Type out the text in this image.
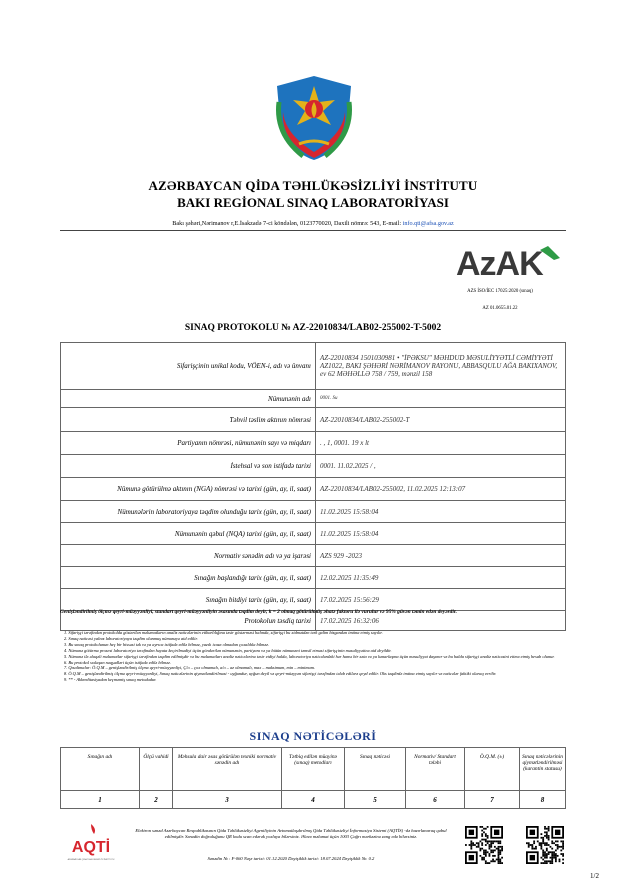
AZƏRBAYCAN QİDA TƏHLÜKƏSİZLİYİ İNSTİTUTU
BAKI REGİONAL SINAQ LABORATORİYASI
Bakı şəhəri,Nərimanov r,E.İsakzadə 7-ci köndələn, 0123770020, Daxili nömrə: 543, E-mail: info.qti@afsa.gov.az
AzAK
AZS İSO/İEC 17025:2020 (sınaq)
AZ 01.0655.01.22
SINAQ PROTOKOLU № AZ-22010834/LAB02-255002-T-5002
Sifarişçinin unikal kodu, VÖEN-i, adı və ünvanı	AZ-22010834 1501030981 • "İPƏKSU" MƏHDUD MƏSULİYYƏTLİ CƏMİYYƏTİ AZ1022, BAKI ŞƏHƏRİ NƏRİMANOV RAYONU, ABBASQULU AĞA BAKIXANOV, ev 62 MƏHƏLLƏ 758 / 759, mənzil 158
Nümunənin adı	0001. Su
Təhvil təslim aktının nömrəsi	AZ-22010834/LAB02-255002-T
Partiyanın nömrəsi, nümunənin sayı və miqdarı	. , 1, 0001. 19 x lt
İstehsal və son istifadə tarixi	0001. 11.02.2025 / ,
Nümunə götürülmə aktının (NGA) nömrəsi və tarixi (gün, ay, il, saat)	AZ-22010834/LAB02-255002, 11.02.2025 12:13:07
Nümunələrin laboratoriyaya təqdim olunduğu tarix (gün, ay, il, saat)	11.02.2025 15:58:04
Nümunənin qəbul (NQA) tarixi (gün, ay, il, saat)	11.02.2025 15:58:04
Normativ sənədin adı və ya işarəsi	AZS 929 -2023
Sınağın başlandığı tarix (gün, ay, il, saat)	12.02.2025 11:35:49
Sınağın bitdiyi tarix (gün, ay, il, saat)	17.02.2025 15:56:29
Protokolun təsdiq tarixi	17.02.2025 16:32:06
Genişləndirilmiş ölçmə qeyri-müəyyənliyi, standart qeyri-müəyyənliyin əsasında təqdim deyir, k = 2 olmaq götürülmüş əhatə faktoru ilə vurulur və 95% güvən təmin edən deyərdir.
1. Sifarişçi tərəfindən protokolda göstərilən məlumatların analiz nəticələrinin etibarlılığına təsir göstərməsi halında, sifarişçi bu xidmətdən tərk gəlim bizgəndən imtina etmiş sayılır.
2. Sınaq nəticəsi yalnız laboratoriyaya təqdim olunmuş nümunəyə aid edilir.
3. Bu sınaq protokolunun heç bir hissəsi tək və ya ayrıca istifadə edilə bilməz, yazılı icazə olmadan çoxaldıla bilməz.
4. Nümunə götürmə prosesi laboratoriya tərəfindən həyata keçirilmədiyi üçün göndərilən nümunənin, partiyanı və ya bütün nümunəni təmsil etməsi sifarişçinin məsuliyyətinə aid deyildir.
5. Nümunə ilə əlaqəli məlumatlar sifarişçi tərəfindən təqdim edilmişdir və bu məlumatları analiz nəticələrinə təsir etdiyi halda, laboratoriya nəticələrdəki hər hansı bir xəta və ya kənarlaşma üçün məsuliyyət daşımır və bu halda sifarişçi analiz nəticəsini etimə etmiş hesab olunur.
6. Bu protokol sıxlaşan nəqşədləri üçün istifadə edilə bilməz.
7. Qısaltmalar: Ö.Q.M – genişləndirilmiş ölçmə qeyri-müəyyənliyi, Ç/o – çox olmamalı, a/o – az olmamalı, max – maksimum, min – minimum.
8. Ö.Q.M – genişləndirilmiş ölçmə qeyri-müəyyənliyi, Sınaq nəticələrinin qiymətləndirilməsi - uyğundur, uyğun deyil və qeyri-müəyyən sifarişçi tərəfindən tələb edilərə qeyd edilir. Oks təqdirdə imtina etmiş sayılır və nəticələr faktiki olaraq verilir.
9. ** - Akkreditasiyadan keçməmiş sınaq metodudur.
SINAQ NƏTİCƏLƏRİ
Sınağın adı	Ölçü vahidi	Məhsula dair əsas götürülən texniki normativ sənədin adı	Tətbiq edilən müayinə (sınaq) metodları	Sınaq nəticəsi	Normativ/ Standart tələbi	Ö.Q.M. (±)	Sınaq nəticələrinin qiymətləndirilməsi (karantin statusu)
1	2	3	4	5	6	7	8
AQTİ
AZƏRBAYCAN QİDA TƏHLÜKƏSİZLİYİ İNSTİTUTU
Elektron sənəd Azərbaycan Respublikasının Qida Təhlükəsizliyi Agentliyinin Avtomatlaşdırılmış Qida Təhlükəsizliyi İnformasiya Sistemi (AQTİS) -də hazırlanaraq qəbul edilmişdir. Sənədin doğruluğunu QR kodu scan edərək yoxlaya bilərsiniz. Əlavə məlumat üçün 1003 Çağrı mərkəzinə zəng edə bilərsiniz.
Sənədin № : F-060 Nəşr tarixi: 01.12.2020 Dəyişiklik tarixi: 18.07.2024 Dəyişiklik №: 0.2
1/2
